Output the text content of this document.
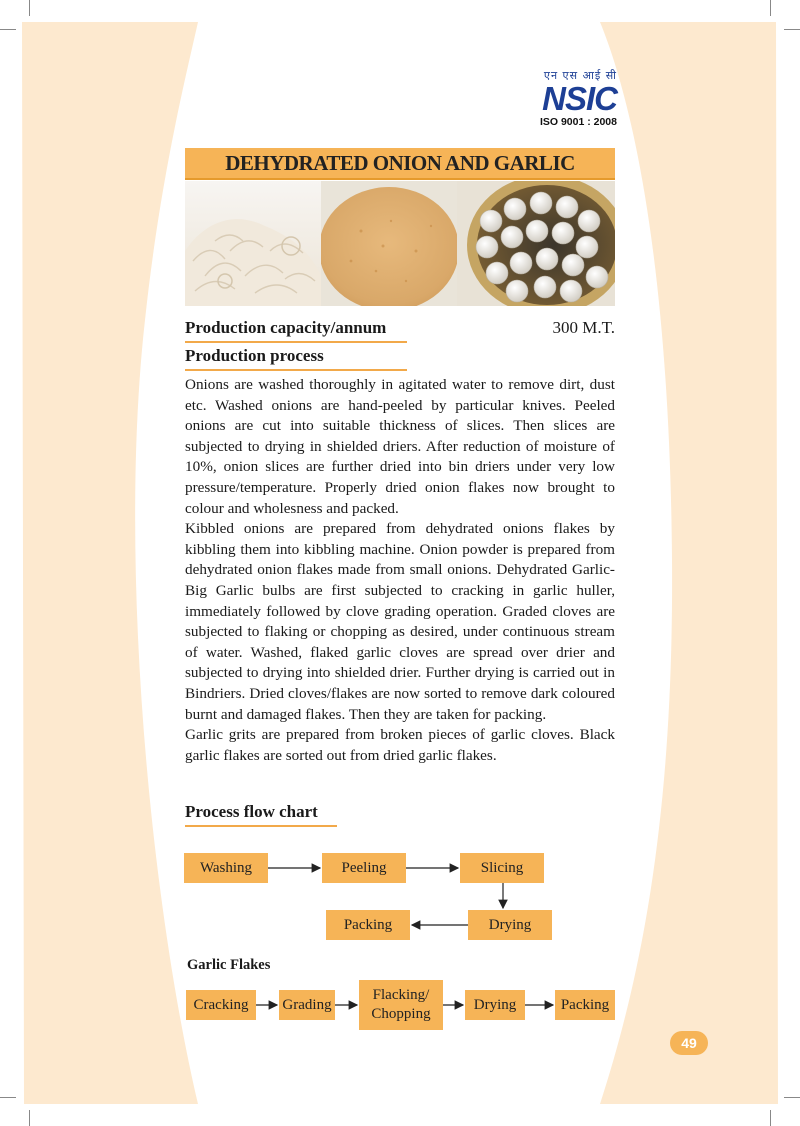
एन एस आई सी
NSIC
ISO 9001 : 2008
DEHYDRATED ONION AND GARLIC
Production capacity/annum	300 M.T.
Production process

Onions are washed thoroughly in agitated water to remove dirt, dust etc. Washed onions are hand-peeled by particular knives. Peeled onions are cut into suitable thickness of slices. Then slices are subjected to drying in shielded driers. After reduction of moisture of 10%, onion slices are further dried into bin driers under very low pressure/temperature. Properly dried onion flakes now brought to colour and wholesness and packed.

Kibbled onions are prepared from dehydrated onions flakes by kibbling them into kibbling machine. Onion powder is prepared from dehydrated onion flakes made from small onions. Dehydrated Garlic- Big Garlic bulbs are first subjected to cracking in garlic huller, immediately followed by clove grading operation. Graded cloves are subjected to flaking or chopping as desired, under continuous stream of water. Washed, flaked garlic cloves are spread over drier and subjected to drying into shielded drier. Further drying is carried out in Bindriers. Dried cloves/flakes are now sorted to remove dark coloured burnt and damaged flakes. Then they are taken for packing.

Garlic grits are prepared from broken pieces of garlic cloves. Black garlic flakes are sorted out from dried garlic flakes.

Process flow chart
Washing	Peeling	Slicing
Drying
Packing
Garlic Flakes
Cracking	Grading
Flacking/
Chopping
Drying	Packing
49
